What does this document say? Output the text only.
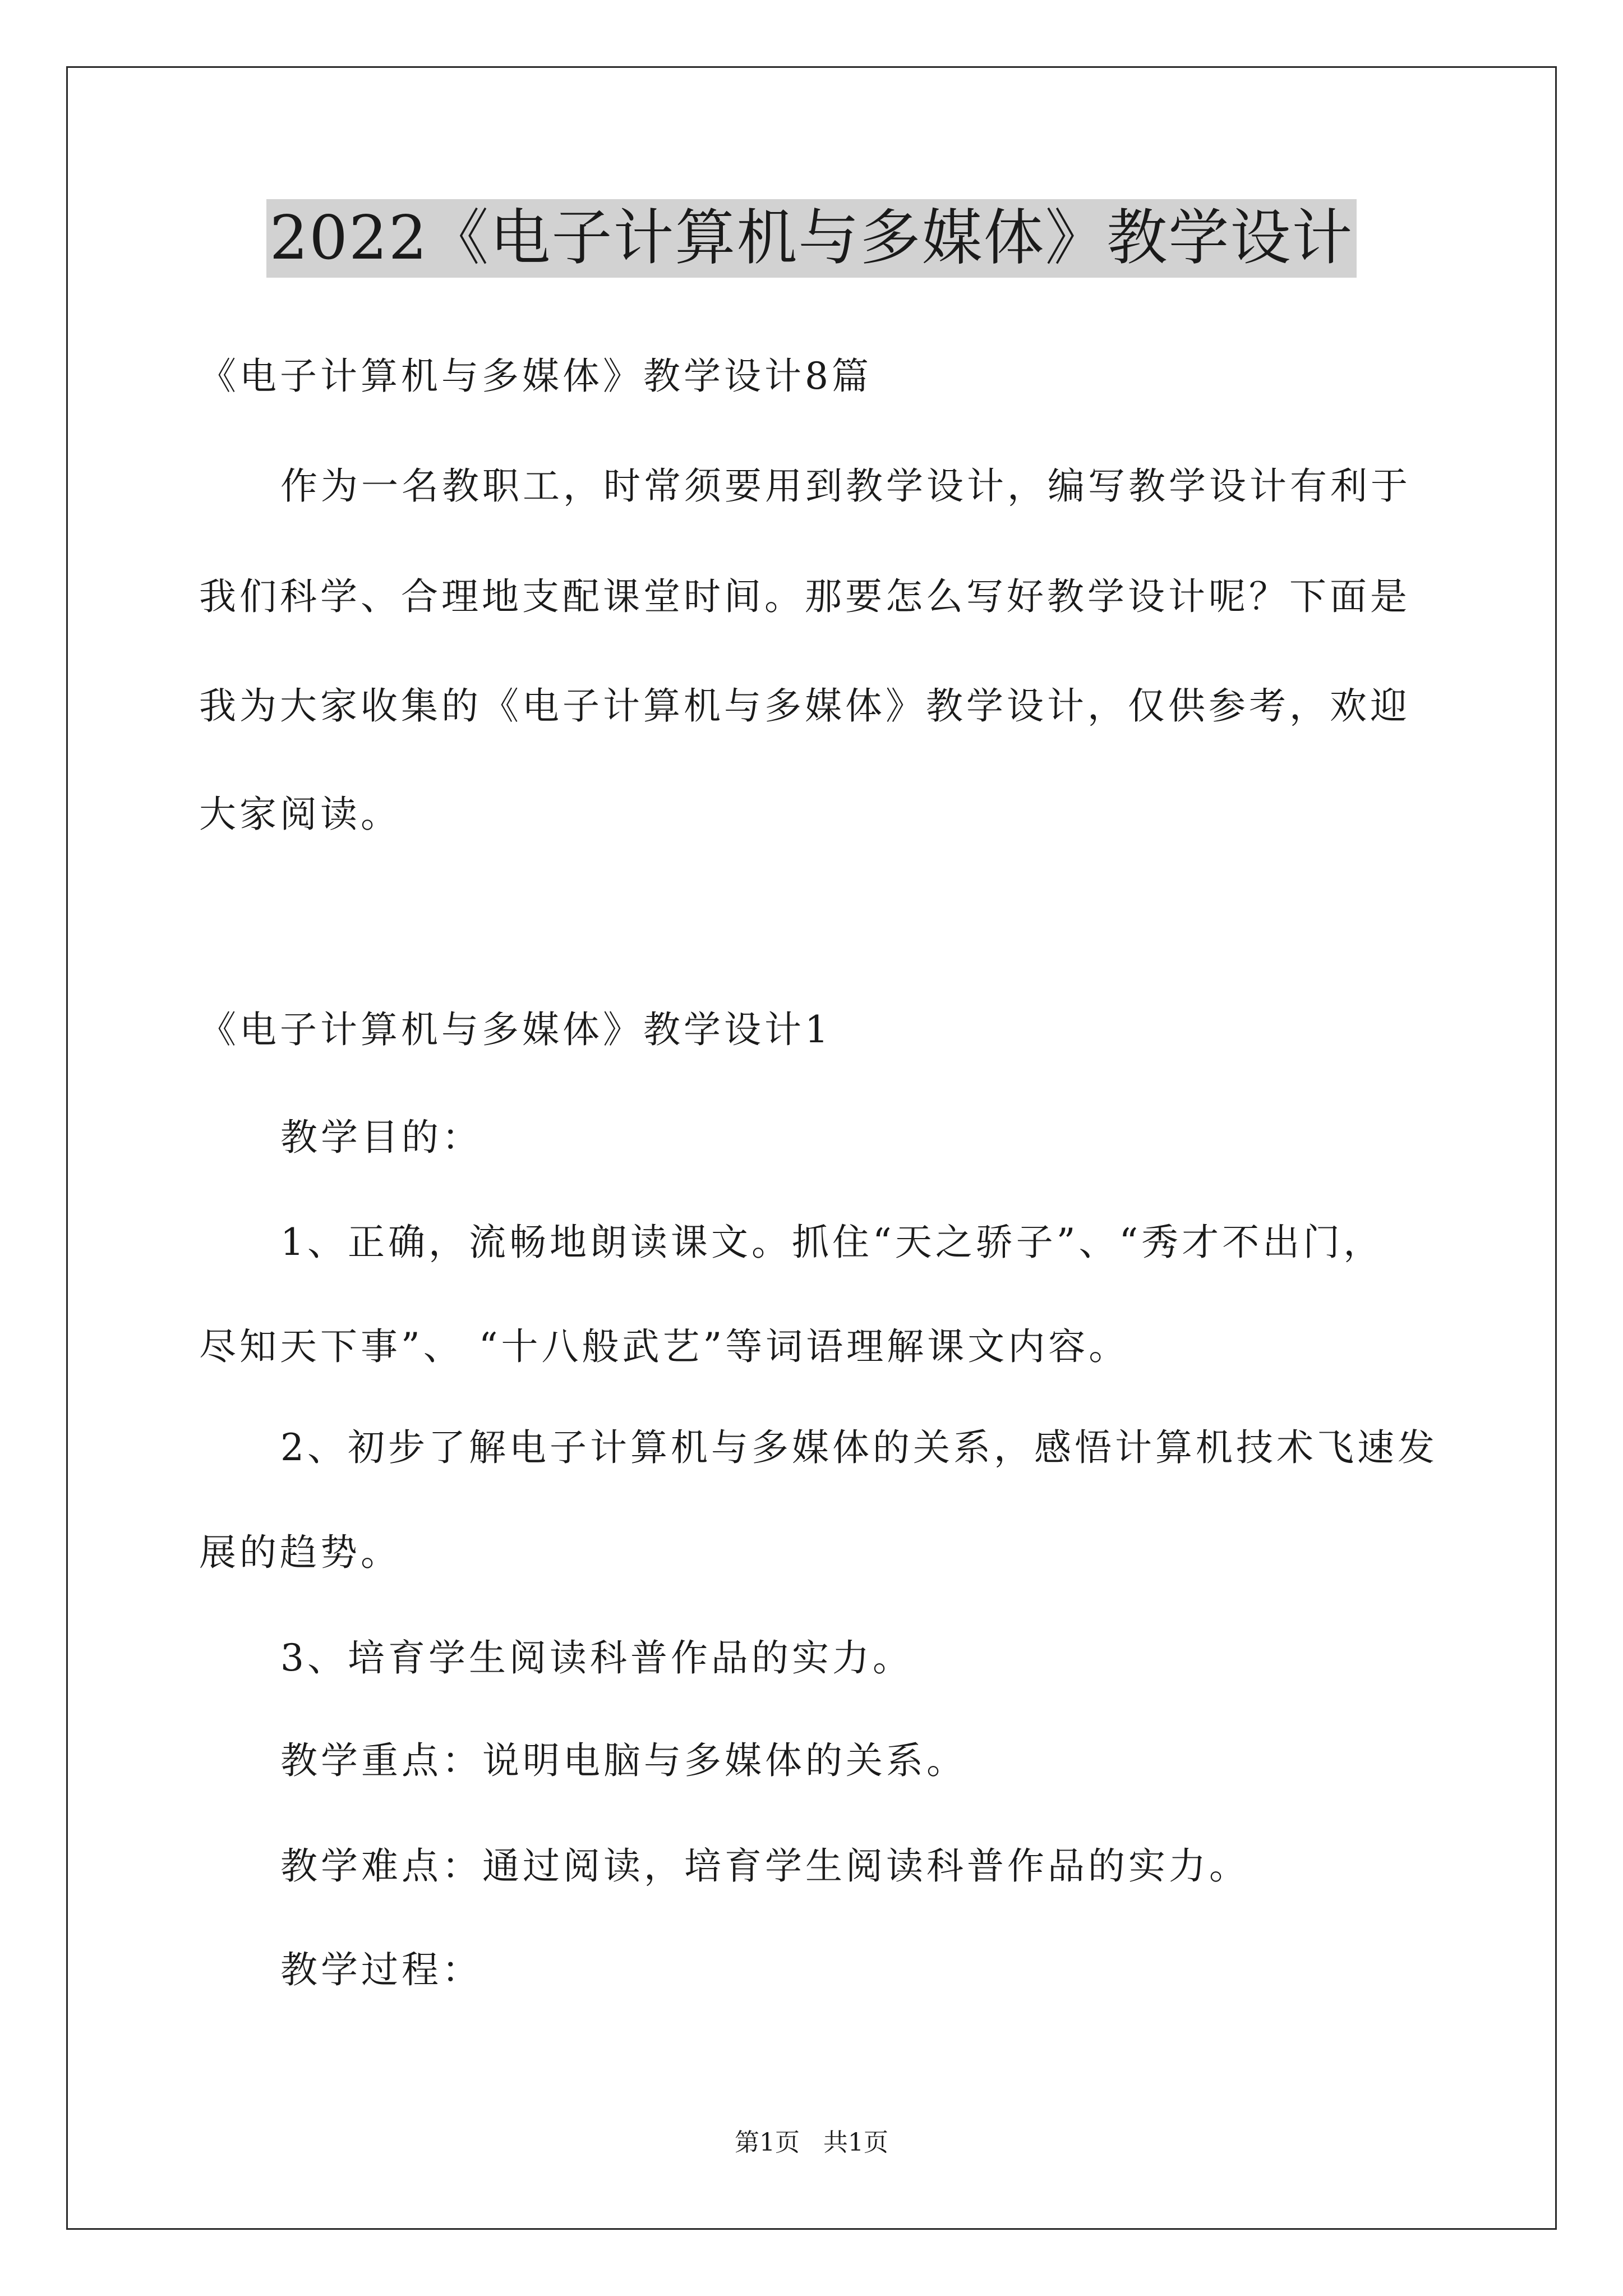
2022《电子计算机与多媒体》教学设计
《电子计算机与多媒体》教学设计8篇
作为一名教职工，时常须要用到教学设计，编写教学设计有利于
我们科学、合理地支配课堂时间。那要怎么写好教学设计呢？下面是
我为大家收集的《电子计算机与多媒体》教学设计，仅供参考，欢迎
大家阅读。
《电子计算机与多媒体》教学设计1
教学目的：
1、正确，流畅地朗读课文。抓住“天之骄子”、“秀才不出门，
尽知天下事”、 “十八般武艺”等词语理解课文内容。
2、初步了解电子计算机与多媒体的关系，感悟计算机技术飞速发
展的趋势。
3、培育学生阅读科普作品的实力。
教学重点：说明电脑与多媒体的关系。
教学难点：通过阅读，培育学生阅读科普作品的实力。
教学过程：
第1页   共1页
